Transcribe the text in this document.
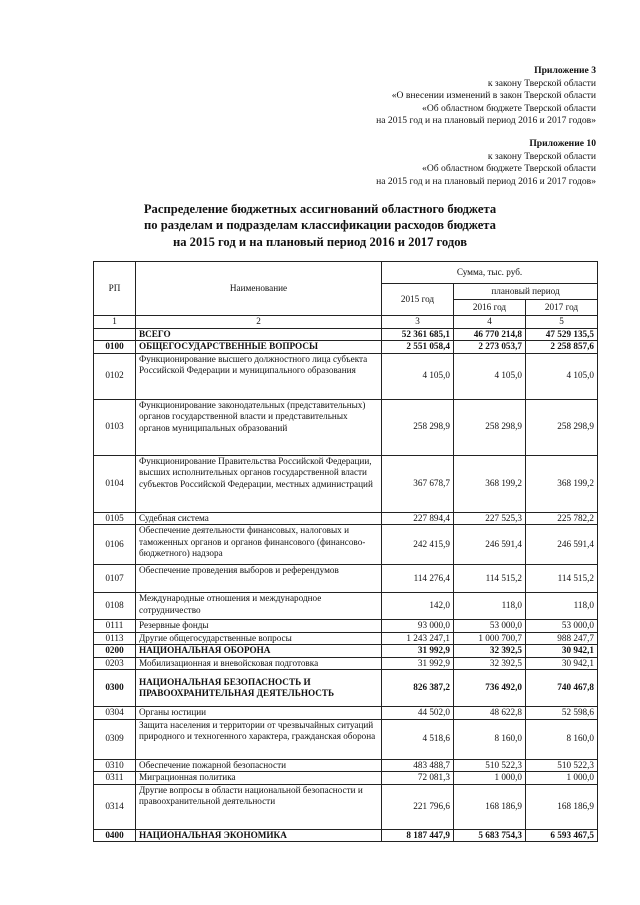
Приложение 3
к закону Тверской области
«О внесении изменений в закон Тверской области
«Об областном бюджете Тверской области
на 2015 год и на плановый период 2016 и 2017 годов»
Приложение 10
к закону Тверской области
«Об областном бюджете Тверской области
на 2015 год и на плановый период 2016 и 2017 годов»
Распределение бюджетных ассигнований областного бюджета
по разделам и подразделам классификации расходов бюджета
на 2015 год и на плановый период 2016 и 2017 годов
РП	Наименование	Сумма, тыс. руб.		
		2015 год	плановый период	
			2016 год	2017 год
1	2	3	4	5
	ВСЕГО	52 361 685,1	46 770 214,8	47 529 135,5
0100	ОБЩЕГОСУДАРСТВЕННЫЕ ВОПРОСЫ	2 551 058,4	2 273 053,7	2 258 857,6
0102	Функционирование высшего должностного лица субъекта Российской Федерации и муниципального образования	4 105,0	4 105,0	4 105,0
0103	Функционирование законодательных (представительных) органов государственной власти и представительных органов муниципальных образований	258 298,9	258 298,9	258 298,9
0104	Функционирование Правительства Российской Федерации, высших исполнительных органов государственной власти субъектов Российской Федерации, местных администраций	367 678,7	368 199,2	368 199,2
0105	Судебная система	227 894,4	227 525,3	225 782,2
0106	Обеспечение деятельности финансовых, налоговых и таможенных органов и органов финансового (финансово-бюджетного) надзора	242 415,9	246 591,4	246 591,4
0107	Обеспечение проведения выборов и референдумов	114 276,4	114 515,2	114 515,2
0108	Международные отношения и международное сотрудничество	142,0	118,0	118,0
0111	Резервные фонды	93 000,0	53 000,0	53 000,0
0113	Другие общегосударственные вопросы	1 243 247,1	1 000 700,7	988 247,7
0200	НАЦИОНАЛЬНАЯ ОБОРОНА	31 992,9	32 392,5	30 942,1
0203	Мобилизационная и вневойсковая подготовка	31 992,9	32 392,5	30 942,1
0300	НАЦИОНАЛЬНАЯ БЕЗОПАСНОСТЬ И ПРАВООХРАНИТЕЛЬНАЯ ДЕЯТЕЛЬНОСТЬ	826 387,2	736 492,0	740 467,8
0304	Органы юстиции	44 502,0	48 622,8	52 598,6
0309	Защита населения и территории от чрезвычайных ситуаций природного и техногенного характера, гражданская оборона	4 518,6	8 160,0	8 160,0
0310	Обеспечение пожарной безопасности	483 488,7	510 522,3	510 522,3
0311	Миграционная политика	72 081,3	1 000,0	1 000,0
0314	Другие вопросы в области национальной безопасности и правоохранительной деятельности	221 796,6	168 186,9	168 186,9
0400	НАЦИОНАЛЬНАЯ ЭКОНОМИКА	8 187 447,9	5 683 754,3	6 593 467,5
